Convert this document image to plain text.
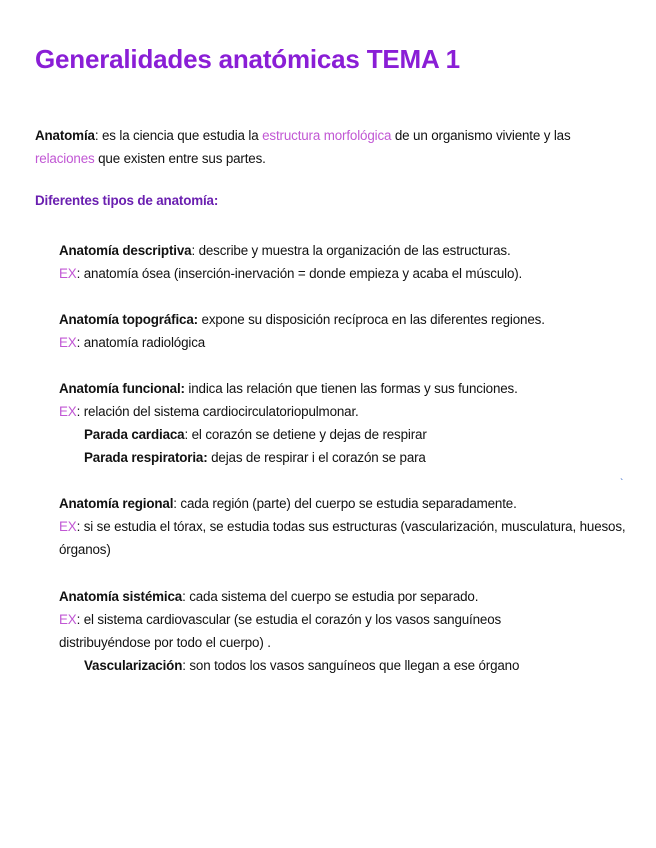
Generalidades anatómicas TEMA 1

Anatomía: es la ciencia que estudia la estructura morfológica de un organismo viviente y las relaciones que existen entre sus partes.

Diferentes tipos de anatomía:

Anatomía descriptiva: describe y muestra la organización de las estructuras.
EX: anatomía ósea (inserción-inervación = donde empieza y acaba el músculo).

Anatomía topográfica: expone su disposición recíproca en las diferentes regiones.
EX: anatomía radiológica

Anatomía funcional: indica las relación que tienen las formas y sus funciones.
EX: relación del sistema cardiocirculatoriopulmonar.
Parada cardiaca: el corazón se detiene y dejas de respirar
Parada respiratoria: dejas de respirar i el corazón se para

`

Anatomía regional: cada región (parte) del cuerpo se estudia separadamente.
EX: si se estudia el tórax, se estudia todas sus estructuras (vascularización, musculatura, huesos, órganos)

Anatomía sistémica: cada sistema del cuerpo se estudia por separado.
EX: el sistema cardiovascular (se estudia el corazón y los vasos sanguíneos distribuyéndose por todo el cuerpo) .
Vascularización: son todos los vasos sanguíneos que llegan a ese órgano
